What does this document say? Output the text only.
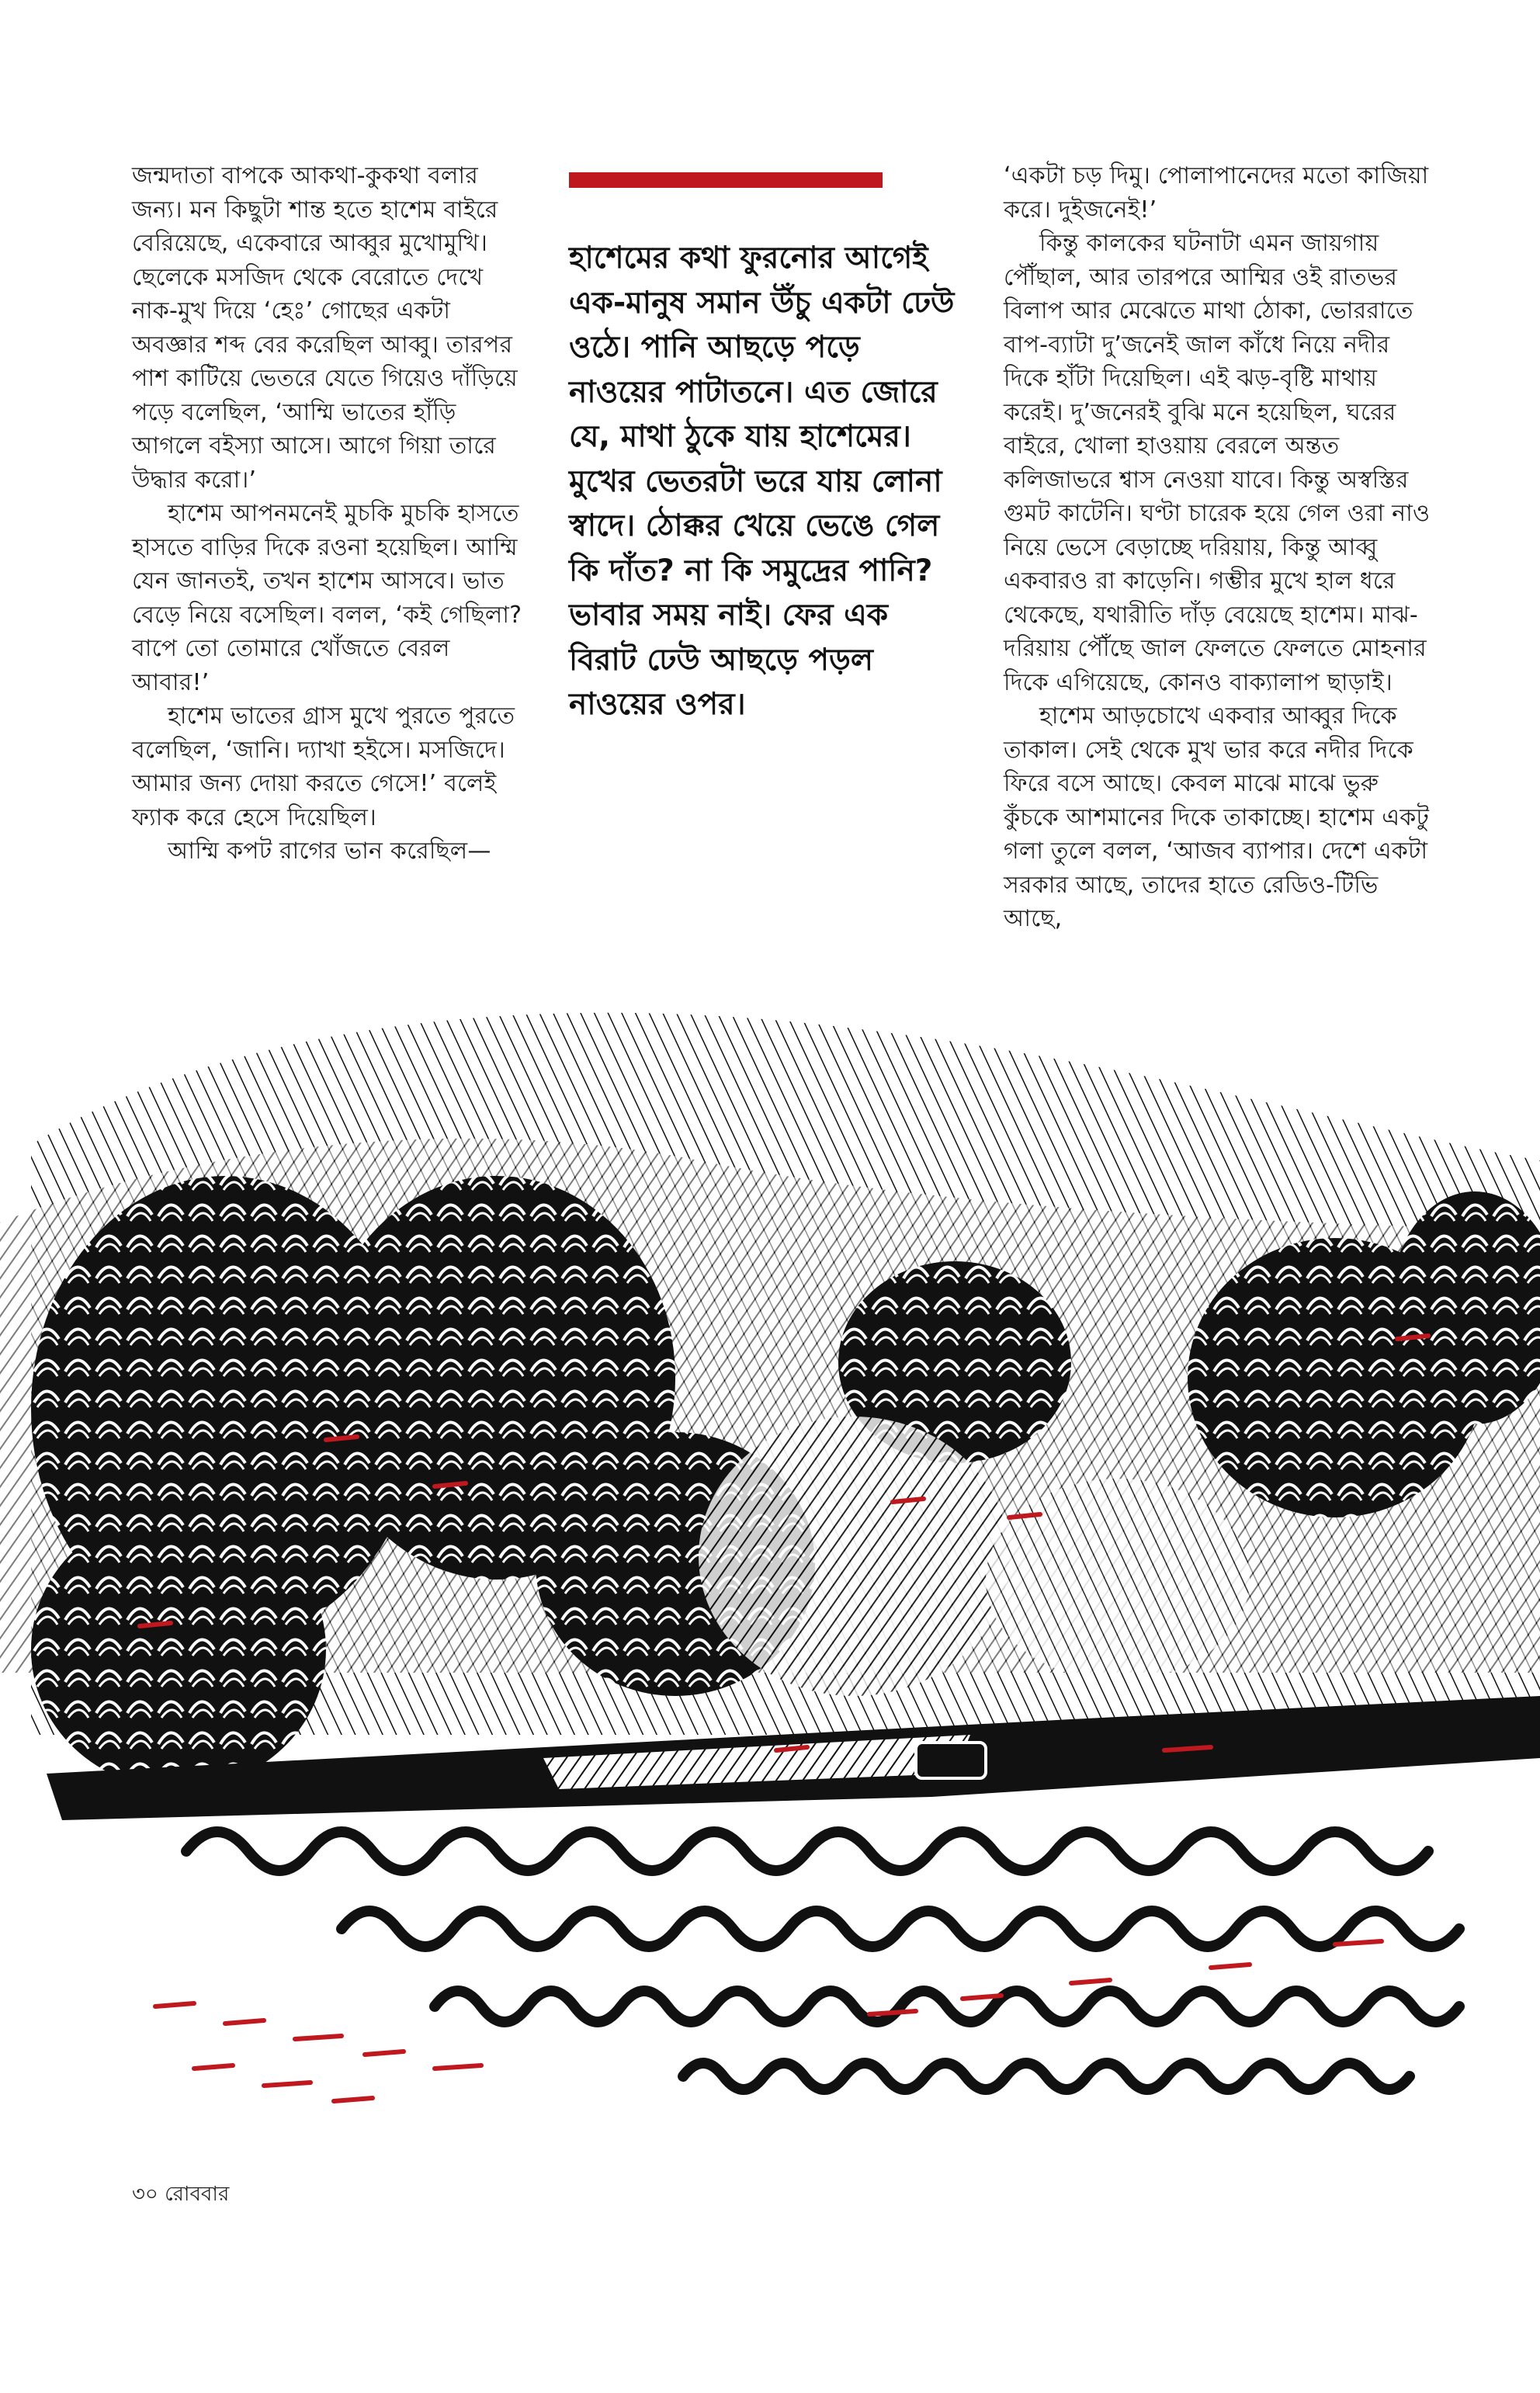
জন্মদাতা বাপকে আকথা-কুকথা বলার জন্য। মন কিছুটা শান্ত হতে হাশেম বাইরে বেরিয়েছে, একেবারে আব্বুর মুখোমুখি। ছেলেকে মসজিদ থেকে বেরোতে দেখে নাক-মুখ দিয়ে ‘হেঃ’ গোছের একটা অবজ্ঞার শব্দ বের করেছিল আব্বু। তারপর পাশ কাটিয়ে ভেতরে যেতে গিয়েও দাঁড়িয়ে পড়ে বলেছিল, ‘আম্মি ভাতের হাঁড়ি আগলে বইস্যা আসে। আগে গিয়া তারে উদ্ধার করো।’

হাশেম আপনমনেই মুচকি মুচকি হাসতে হাসতে বাড়ির দিকে রওনা হয়েছিল। আম্মি যেন জানতই, তখন হাশেম আসবে। ভাত বেড়ে নিয়ে বসেছিল। বলল, ‘কই গেছিলা? বাপে তো তোমারে খোঁজতে বেরল আবার!’

হাশেম ভাতের গ্রাস মুখে পুরতে পুরতে বলেছিল, ‘জানি। দ্যাখা হইসে। মসজিদে। আমার জন্য দোয়া করতে গেসে!’ বলেই ফ্যাক করে হেসে দিয়েছিল।

আম্মি কপট রাগের ভান করেছিল—

হাশেমের কথা ফুরনোর আগেই এক-মানুষ সমান উঁচু একটা ঢেউ ওঠে। পানি আছড়ে পড়ে নাওয়ের পাটাতনে। এত জোরে যে, মাথা ঠুকে যায় হাশেমের। মুখের ভেতরটা ভরে যায় লোনা স্বাদে। ঠোক্কর খেয়ে ভেঙে গেল কি দাঁত? না কি সমুদ্রের পানি? ভাবার সময় নাই। ফের এক বিরাট ঢেউ আছড়ে পড়ল নাওয়ের ওপর।

‘একটা চড় দিমু। পোলাপানেদের মতো কাজিয়া করে। দুইজনেই!’

কিন্তু কালকের ঘটনাটা এমন জায়গায় পৌঁছাল, আর তারপরে আম্মির ওই রাতভর বিলাপ আর মেঝেতে মাথা ঠোকা, ভোররাতে বাপ-ব্যাটা দু’জনেই জাল কাঁধে নিয়ে নদীর দিকে হাঁটা দিয়েছিল। এই ঝড়-বৃষ্টি মাথায় করেই। দু’জনেরই বুঝি মনে হয়েছিল, ঘরের বাইরে, খোলা হাওয়ায় বেরলে অন্তত কলিজাভরে শ্বাস নেওয়া যাবে। কিন্তু অস্বস্তির গুমট কাটেনি। ঘণ্টা চারেক হয়ে গেল ওরা নাও নিয়ে ভেসে বেড়াচ্ছে দরিয়ায়, কিন্তু আব্বু একবারও রা কাড়েনি। গম্ভীর মুখে হাল ধরে থেকেছে, যথারীতি দাঁড় বেয়েছে হাশেম। মাঝ-দরিয়ায় পৌঁছে জাল ফেলতে ফেলতে মোহনার দিকে এগিয়েছে, কোনও বাক্যালাপ ছাড়াই।

হাশেম আড়চোখে একবার আব্বুর দিকে তাকাল। সেই থেকে মুখ ভার করে নদীর দিকে ফিরে বসে আছে। কেবল মাঝে মাঝে ভুরু কুঁচকে আশমানের দিকে তাকাচ্ছে। হাশেম একটু গলা তুলে বলল, ‘আজব ব্যাপার। দেশে একটা সরকার আছে, তাদের হাতে রেডিও-টিভি আছে,

৩০ রোববার
